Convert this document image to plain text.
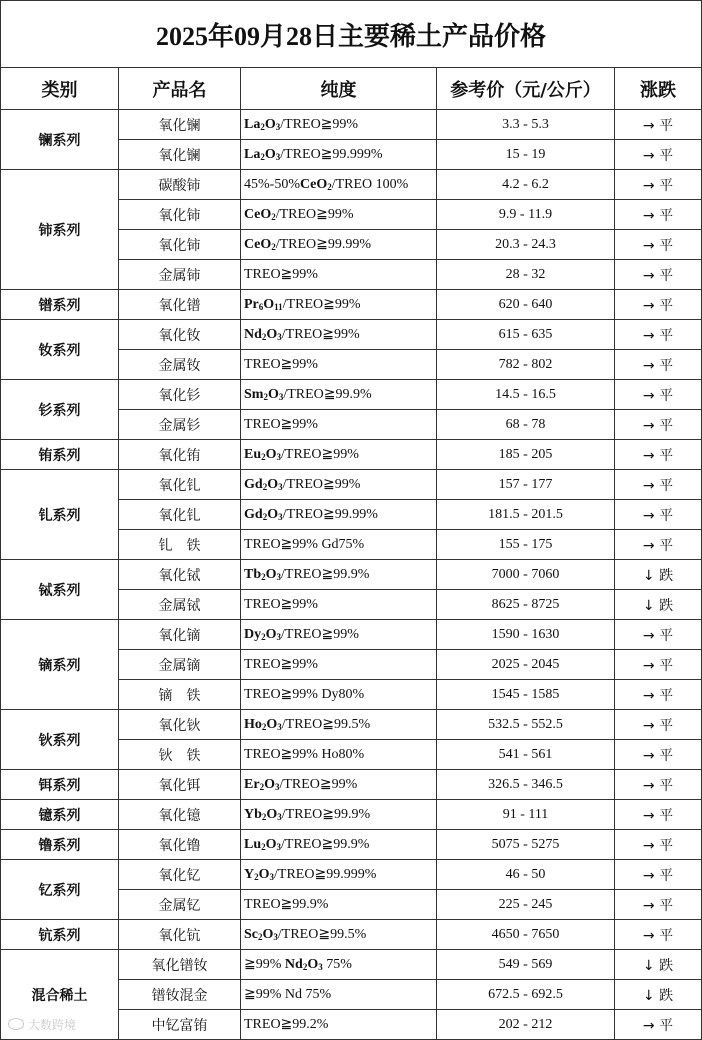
2025年09月28日主要稀土产品价格				
类别	产品名	纯度	参考价（元/公斤）	涨跌
镧系列	氧化镧	$La_2O_3/TREO≧99\%$	3.3 - 5.3	→ 平
	氧化镧	$La_2O_3/TREO≧99.999\%$	15 - 19	→ 平
铈系列	碳酸铈	45%-50%CeO$_2$/TREO 100%	4.2 - 6.2	→ 平
	氧化铈	CeO$_2$/TREO≧99%	9.9 - 11.9	→ 平
	氧化铈	CeO$_2$/TREO≧99.99%	20.3 - 24.3	→ 平
	金属铈	TREO≧99%	28 - 32	→ 平
镨系列	氧化镨	$Pr_6O_{11}/TREO≧99\%$	620 - 640	→ 平
钕系列	氧化钕	$Nd_2O_3/TREO≧99\%$	615 - 635	→ 平
	金属钕	TREO≧99%	782 - 802	→ 平
钐系列	氧化钐	$Sm_2O_3/TREO≧99.9\%$	14.5 - 16.5	→ 平
	金属钐	TREO≧99%	68 - 78	→ 平
铕系列	氧化铕	$Eu_2O_3/TREO≧99\%$	185 - 205	→ 平
钆系列	氧化钆	$Gd_2O_3/TREO≧99\%$	157 - 177	→ 平
	氧化钆	$Gd_2O_3/TREO≧99.99\%$	181.5 - 201.5	→ 平
	钆　铁	TREO≧99% Gd75%	155 - 175	→ 平
铽系列	氧化铽	$Tb_2O_3/TREO≧99.9\%$	7000 - 7060	↓ 跌
	金属铽	TREO≧99%	8625 - 8725	↓ 跌
镝系列	氧化镝	$Dy_2O_3/TREO≧99\%$	1590 - 1630	→ 平
	金属镝	TREO≧99%	2025 - 2045	→ 平
	镝　铁	TREO≧99% Dy80%	1545 - 1585	→ 平
钬系列	氧化钬	$Ho_2O_3/TREO≧99.5\%$	532.5 - 552.5	→ 平
	钬　铁	TREO≧99% Ho80%	541 - 561	→ 平
铒系列	氧化铒	$Er_2O_3/TREO≧99\%$	326.5 - 346.5	→ 平
镱系列	氧化镱	$Yb_2O_3/TREO≧99.9\%$	91 - 111	→ 平
镥系列	氧化镥	$Lu_2O_3/TREO≧99.9\%$	5075 - 5275	→ 平
钇系列	氧化钇	$Y_2O_3/TREO≧99.999\%$	46 - 50	→ 平
	金属钇	TREO≧99.9%	225 - 245	→ 平
钪系列	氧化钪	$Sc_2O_3/TREO≧99.5\%$	4650 - 7650	→ 平
混合稀土	氧化镨钕	≧99% $Nd_2O_3$ 75%	549 - 569	↓ 跌
	镨钕混金	≧99% Nd 75%	672.5 - 692.5	↓ 跌
	中钇富铕	TREO≧99.2%	202 - 212	→ 平
大数跨境
